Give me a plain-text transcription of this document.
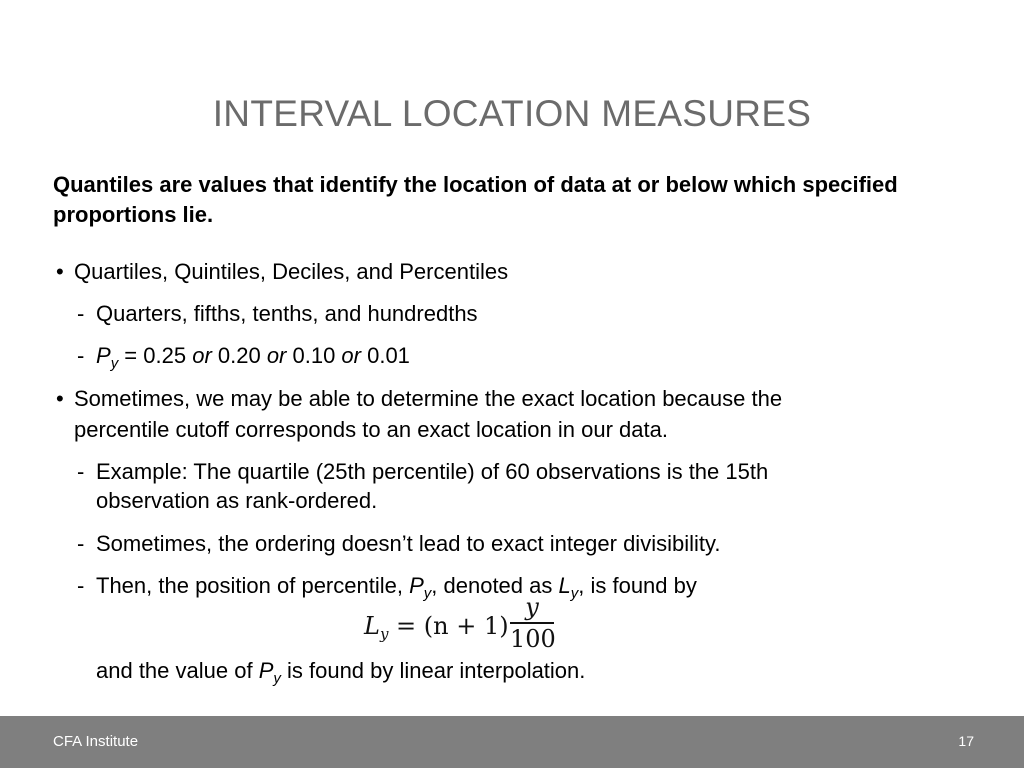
INTERVAL LOCATION MEASURES
Quantiles are values that identify the location of data at or below which specified proportions lie.
• Quartiles, Quintiles, Deciles, and Percentiles
- Quarters, fifths, tenths, and hundredths
- $P_y = 0.25$ or 0.20 or 0.10 or 0.01
• Sometimes, we may be able to determine the exact location because the
percentile cutoff corresponds to an exact location in our data.
- Example: The quartile (25th percentile) of 60 observations is the 15th
observation as rank-ordered.
- Sometimes, the ordering doesn’t lead to exact integer divisibility.
- Then, the position of percentile, $P_y$, denoted as $L_y$, is found by
$L_y = (n + 1)$
y
100
and the value of $P_y$ is found by linear interpolation.
CFA Institute	17
